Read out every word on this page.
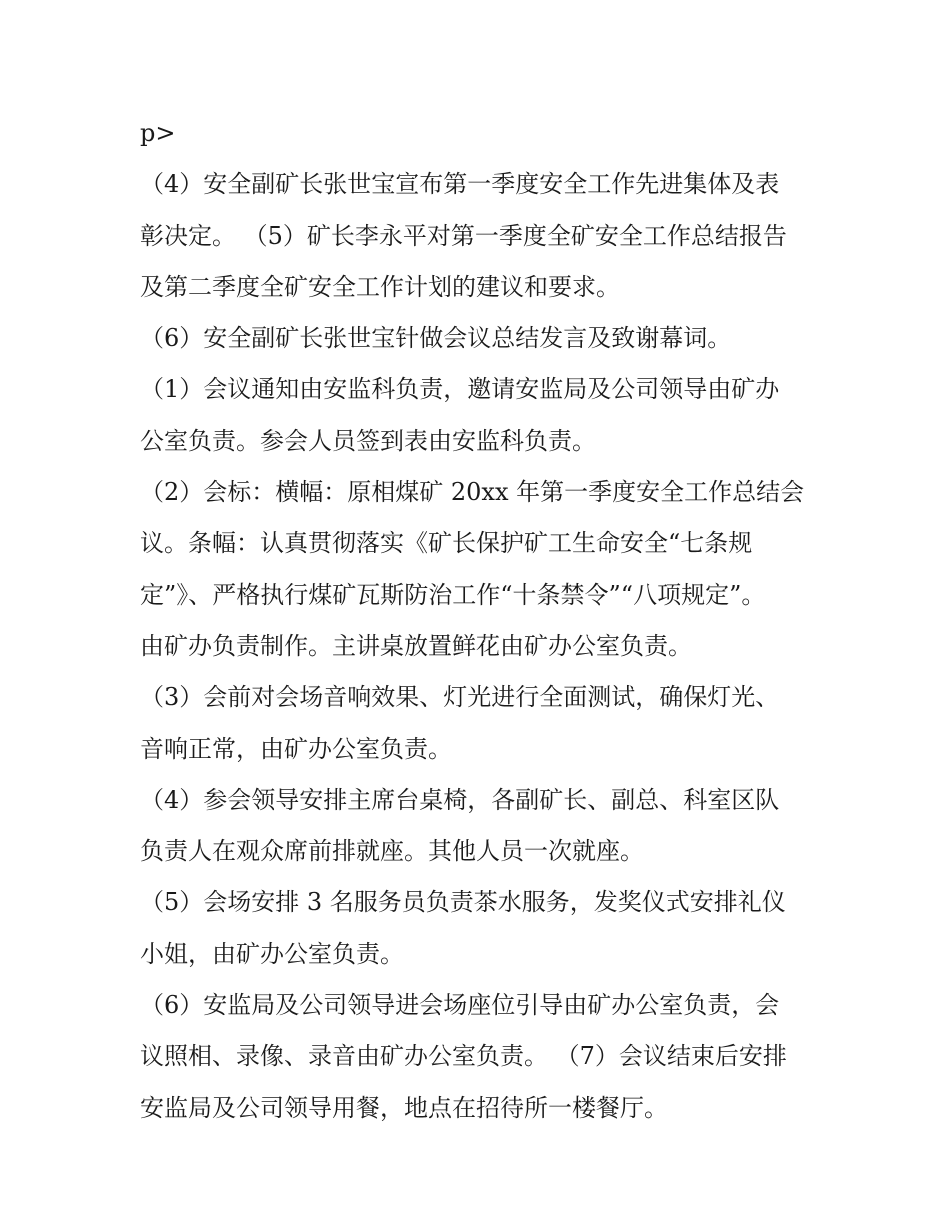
p>
（4）安全副矿长张世宝宣布第一季度安全工作先进集体及表
彰决定。 （5）矿长李永平对第一季度全矿安全工作总结报告
及第二季度全矿安全工作计划的建议和要求。
（6）安全副矿长张世宝针做会议总结发言及致谢幕词。
（1）会议通知由安监科负责，邀请安监局及公司领导由矿办
公室负责。参会人员签到表由安监科负责。
（2）会标：横幅：原相煤矿 20xx 年第一季度安全工作总结会
议。条幅：认真贯彻落实《矿长保护矿工生命安全“七条规
定”》、严格执行煤矿瓦斯防治工作“十条禁令”“八项规定”。
由矿办负责制作。主讲桌放置鲜花由矿办公室负责。
（3）会前对会场音响效果、灯光进行全面测试，确保灯光、
音响正常，由矿办公室负责。
（4）参会领导安排主席台桌椅，各副矿长、副总、科室区队
负责人在观众席前排就座。其他人员一次就座。
（5）会场安排 3 名服务员负责茶水服务，发奖仪式安排礼仪
小姐，由矿办公室负责。
（6）安监局及公司领导进会场座位引导由矿办公室负责，会
议照相、录像、录音由矿办公室负责。 （7）会议结束后安排
安监局及公司领导用餐，地点在招待所一楼餐厅。
